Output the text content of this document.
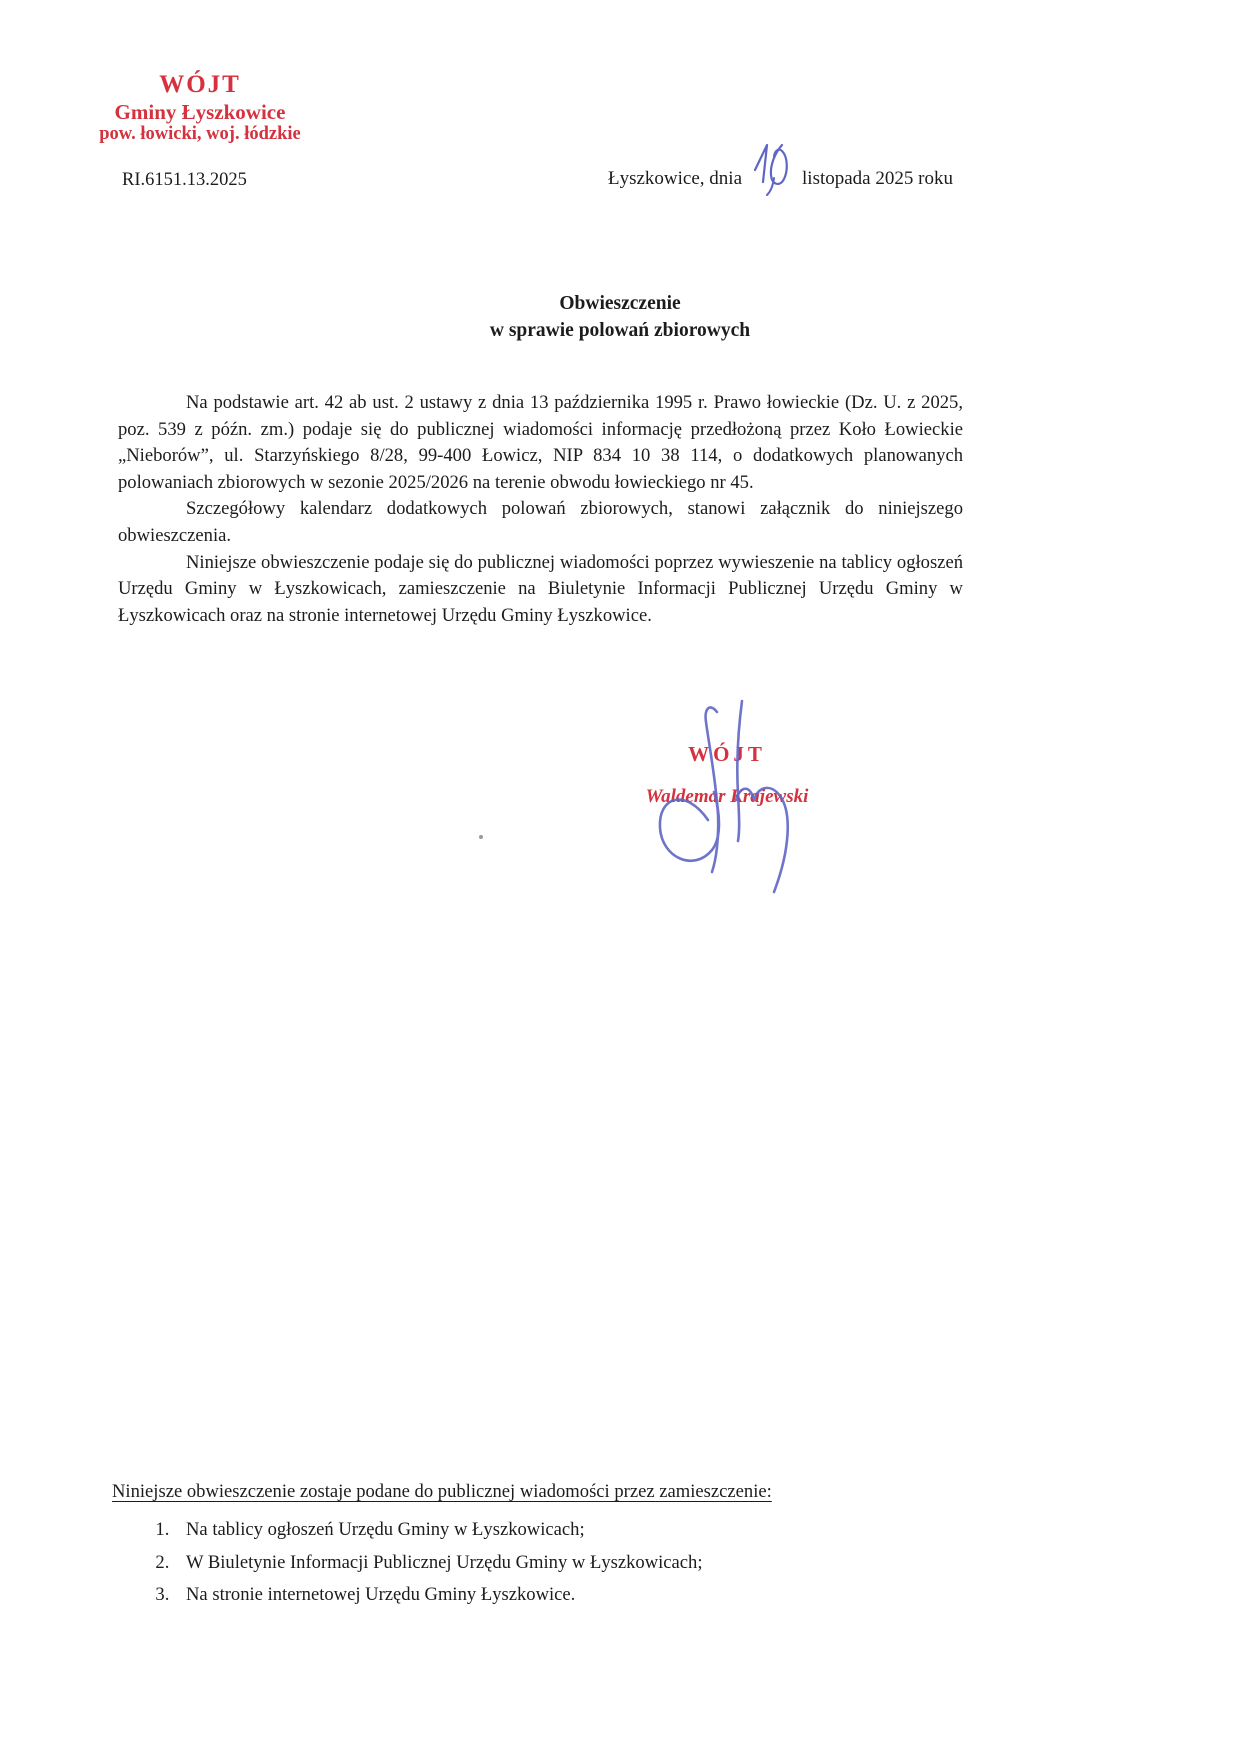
WÓJT
Gminy Łyszkowice
pow. łowicki, woj. łódzkie
Łyszkowice, dnia	listopada 2025 roku
RI.6151.13.2025
Obwieszczenie
w sprawie polowań zbiorowych

Na podstawie art. 42 ab ust. 2 ustawy z dnia 13 października 1995 r. Prawo łowieckie (Dz. U. z 2025, poz. 539 z późn. zm.) podaje się do publicznej wiadomości informację przedłożoną przez Koło Łowieckie „Nieborów”, ul. Starzyńskiego 8/28, 99-400 Łowicz, NIP 834 10 38 114, o dodatkowych planowanych polowaniach zbiorowych w sezonie 2025/2026 na terenie obwodu łowieckiego nr 45.

Szczegółowy kalendarz dodatkowych polowań zbiorowych, stanowi załącznik do niniejszego obwieszczenia.

Niniejsze obwieszczenie podaje się do publicznej wiadomości poprzez wywieszenie na tablicy ogłoszeń Urzędu Gminy w Łyszkowicach, zamieszczenie na Biuletynie Informacji Publicznej Urzędu Gminy w Łyszkowicach oraz na stronie internetowej Urzędu Gminy Łyszkowice.

WÓJT
Waldemar Krajewski

Niniejsze obwieszczenie zostaje podane do publicznej wiadomości przez zamieszczenie:

1. Na tablicy ogłoszeń Urzędu Gminy w Łyszkowicach;
2. W Biuletynie Informacji Publicznej Urzędu Gminy w Łyszkowicach;
3. Na stronie internetowej Urzędu Gminy Łyszkowice.
